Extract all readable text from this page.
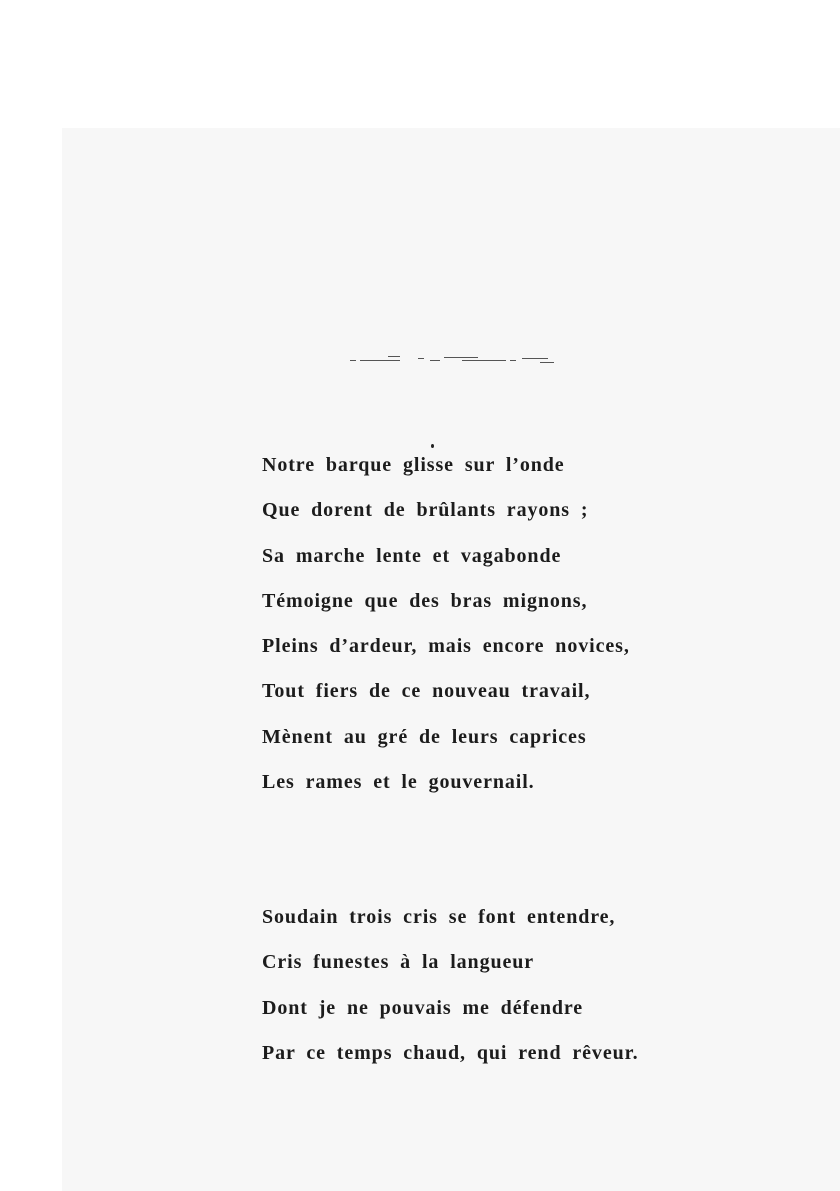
Notre barque glisse sur l’onde
Que dorent de brûlants rayons ;
Sa marche lente et vagabonde
Témoigne que des bras mignons,
Pleins d’ardeur, mais encore novices,
Tout fiers de ce nouveau travail,
Mènent au gré de leurs caprices
Les rames et le gouvernail.
Soudain trois cris se font entendre,
Cris funestes à la langueur
Dont je ne pouvais me défendre
Par ce temps chaud, qui rend rêveur.
